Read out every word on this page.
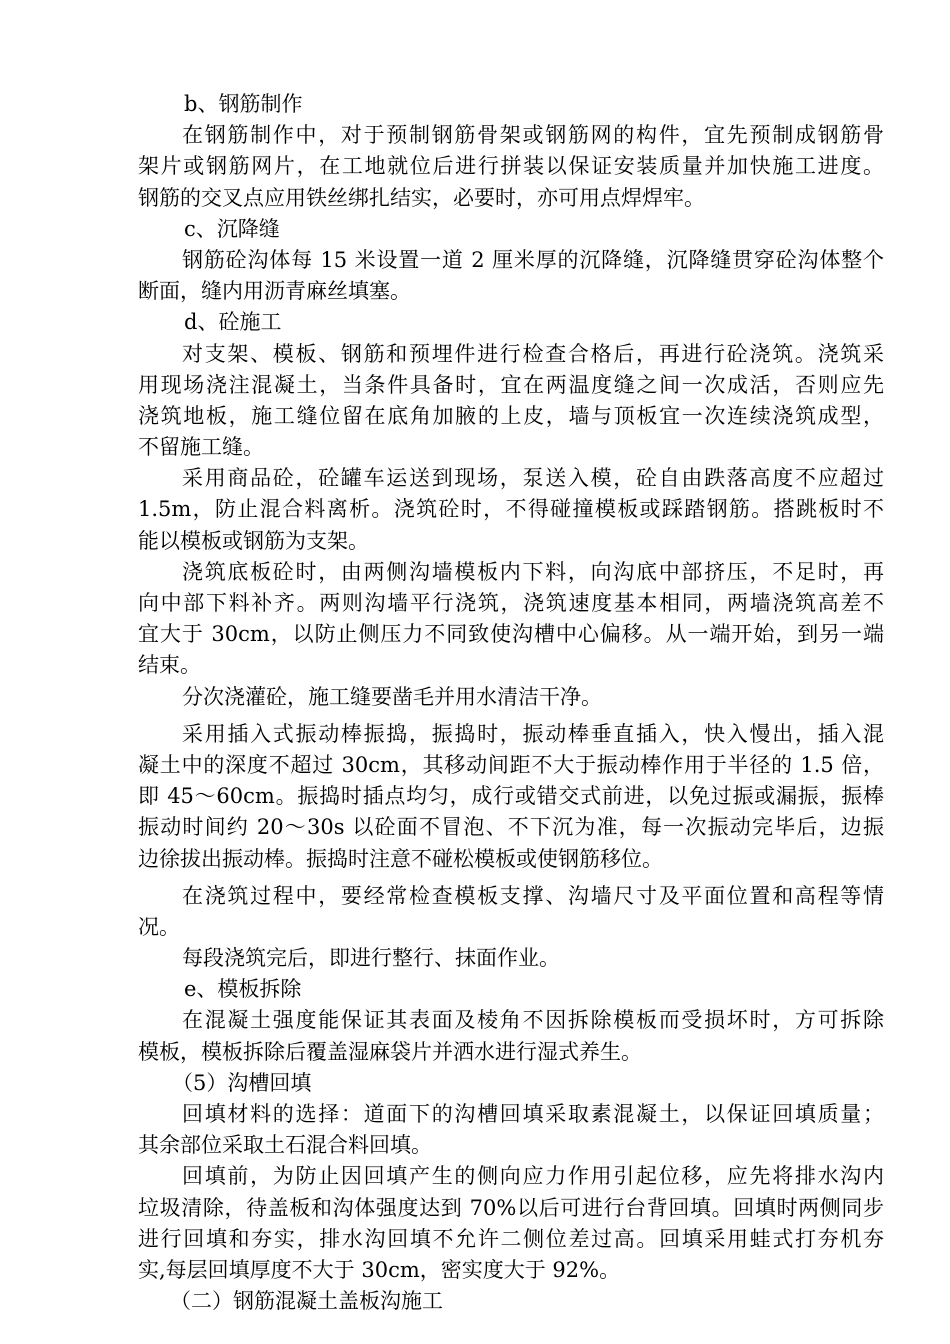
b、钢筋制作
在钢筋制作中，对于预制钢筋骨架或钢筋网的构件，宜先预制成钢筋骨
架片或钢筋网片，在工地就位后进行拼装以保证安装质量并加快施工进度。
钢筋的交叉点应用铁丝绑扎结实，必要时，亦可用点焊焊牢。
c、沉降缝
钢筋砼沟体每 15 米设置一道 2 厘米厚的沉降缝，沉降缝贯穿砼沟体整个
断面，缝内用沥青麻丝填塞。
d、砼施工
对支架、模板、钢筋和预埋件进行检查合格后，再进行砼浇筑。浇筑采
用现场浇注混凝土，当条件具备时，宜在两温度缝之间一次成活，否则应先
浇筑地板，施工缝位留在底角加腋的上皮，墙与顶板宜一次连续浇筑成型，
不留施工缝。
采用商品砼，砼罐车运送到现场，泵送入模，砼自由跌落高度不应超过
1.5m，防止混合料离析。浇筑砼时，不得碰撞模板或踩踏钢筋。搭跳板时不
能以模板或钢筋为支架。
浇筑底板砼时，由两侧沟墙模板内下料，向沟底中部挤压，不足时，再
向中部下料补齐。两则沟墙平行浇筑，浇筑速度基本相同，两墙浇筑高差不
宜大于 30cm，以防止侧压力不同致使沟槽中心偏移。从一端开始，到另一端
结束。
分次浇灌砼，施工缝要凿毛并用水清洁干净。
采用插入式振动棒振捣，振捣时，振动棒垂直插入，快入慢出，插入混
凝土中的深度不超过 30cm，其移动间距不大于振动棒作用于半径的 1.5 倍，
即 45～60cm。振捣时插点均匀，成行或错交式前进，以免过振或漏振，振棒
振动时间约 20～30s 以砼面不冒泡、不下沉为准，每一次振动完毕后，边振
边徐拔出振动棒。振捣时注意不碰松模板或使钢筋移位。
在浇筑过程中，要经常检查模板支撑、沟墙尺寸及平面位置和高程等情
况。
每段浇筑完后，即进行整行、抹面作业。
e、模板拆除
在混凝土强度能保证其表面及棱角不因拆除模板而受损坏时，方可拆除
模板，模板拆除后覆盖湿麻袋片并洒水进行湿式养生。
（5）沟槽回填
回填材料的选择：道面下的沟槽回填采取素混凝土，以保证回填质量；
其余部位采取土石混合料回填。
回填前，为防止因回填产生的侧向应力作用引起位移，应先将排水沟内
垃圾清除，待盖板和沟体强度达到 70%以后可进行台背回填。回填时两侧同步
进行回填和夯实，排水沟回填不允许二侧位差过高。回填采用蛙式打夯机夯
实,每层回填厚度不大于 30cm，密实度大于 92%。
（二）钢筋混凝土盖板沟施工
